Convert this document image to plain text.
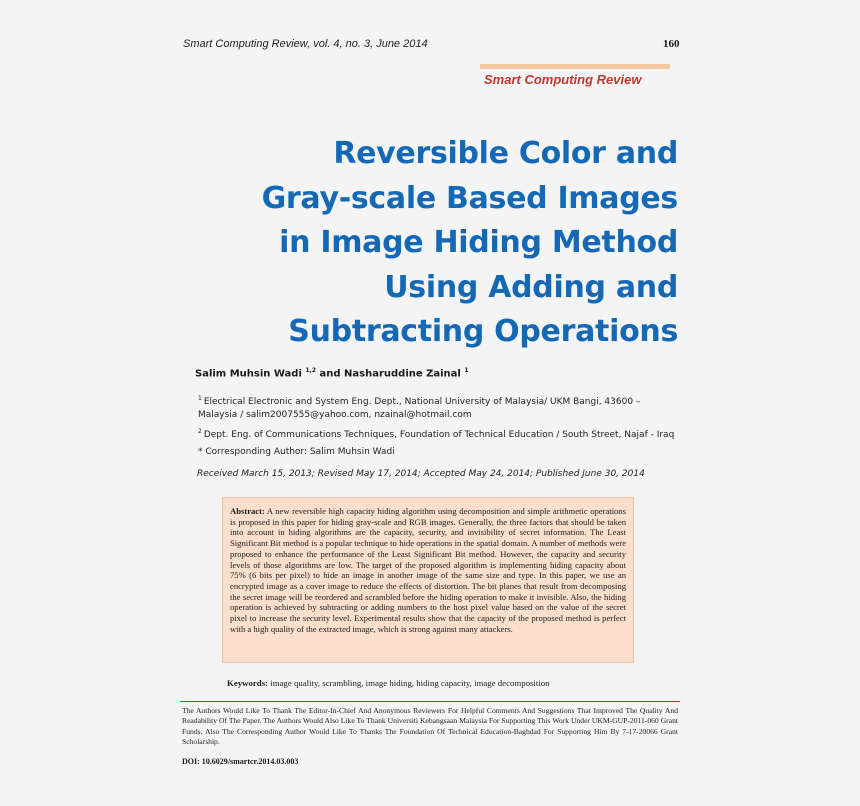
Smart Computing Review, vol. 4, no. 3, June 2014	160
Smart Computing Review
Reversible Color and
Gray-scale Based Images
in Image Hiding Method
Using Adding and
Subtracting Operations
Salim Muhsin Wadi $^{1,2}$ and Nasharuddine Zainal $^1$
$^1$ Electrical Electronic and System Eng. Dept., National University of Malaysia/ UKM Bangi, 43600 – Malaysia / salim2007555@yahoo.com, nzainal@hotmail.com
$^2$ Dept. Eng. of Communications Techniques, Foundation of Technical Education / South Street, Najaf - Iraq
* Corresponding Author: Salim Muhsin Wadi
Received March 15, 2013; Revised May 17, 2014; Accepted May 24, 2014; Published June 30, 2014
Abstract: A new reversible high capacity hiding algorithm using decomposition and simple arithmetic operations is proposed in this paper for hiding gray-scale and RGB images. Generally, the three factors that should be taken into account in hiding algorithms are the capacity, security, and invisibility of secret information. The Least Significant Bit method is a popular technique to hide operations in the spatial domain. A number of methods were proposed to enhance the performance of the Least Significant Bit method. However, the capacity and security levels of those algorithms are low. The target of the proposed algorithm is implementing hiding capacity about 75% (6 bits per pixel) to hide an image in another image of the same size and type. In this paper, we use an encrypted image as a cover image to reduce the effects of distortion. The bit planes that result from decomposing the secret image will be reordered and scrambled before the hiding operation to make it invisible. Also, the hiding operation is achieved by subtracting or adding numbers to the host pixel value based on the value of the secret pixel to increase the security level. Experimental results show that the capacity of the proposed method is perfect with a high quality of the extracted image, which is strong against many attackers.
Keywords: image quality, scrambling, image hiding, hiding capacity, image decomposition
The Authors Would Like To Thank The Editor-In-Chief And Anonymous Reviewers For Helpful Comments And Suggestions That Improved The Quality And Readability Of The Paper. The Authors Would Also Like To Thank Universiti Kebangsaan Malaysia For Supporting This Work Under UKM-GUP-2011-060 Grant Funds. Also The Corresponding Author Would Like To Thanks The Foundation Of Technical Education-Baghdad For Supporting Him By 7-17-20066 Grant Scholarship.
DOI: 10.6029/smartcr.2014.03.003
